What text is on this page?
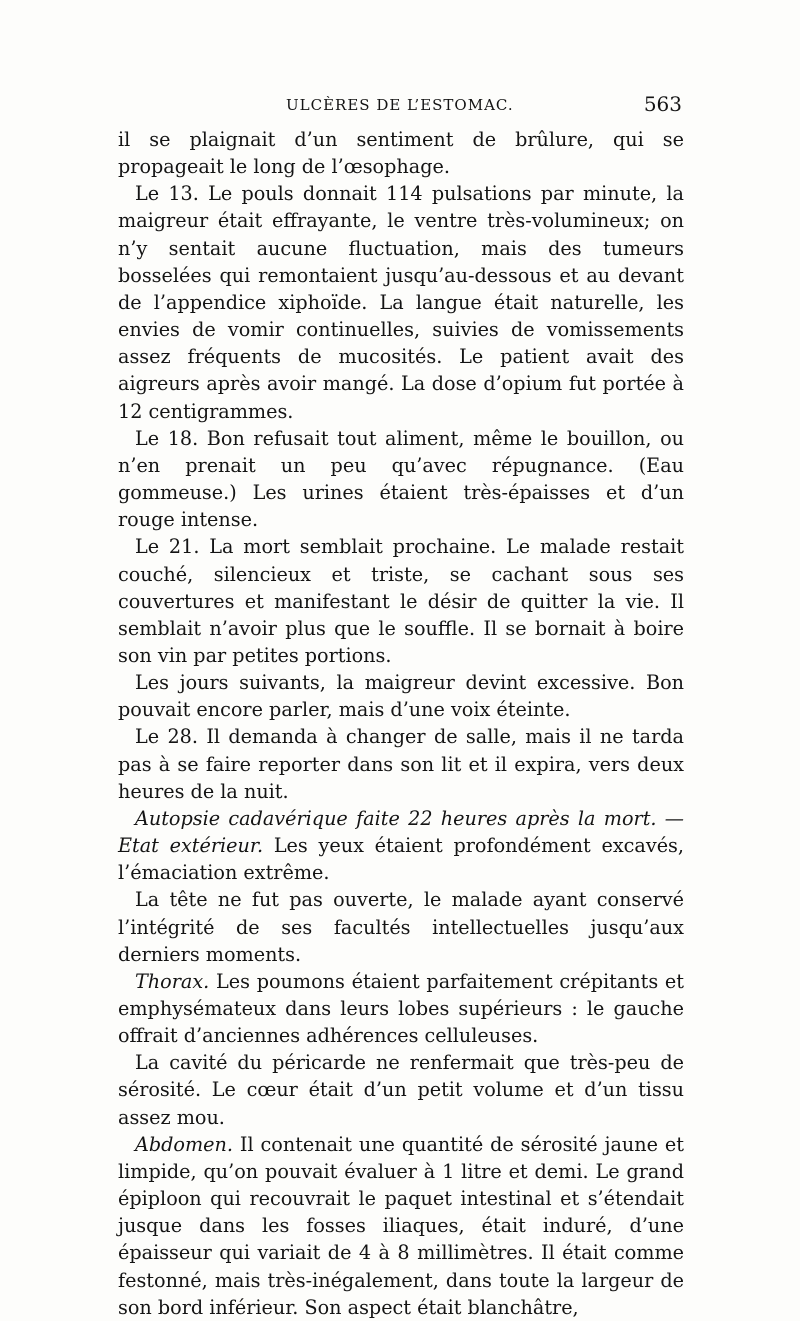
ULCÈRES DE L’ESTOMAC.	563

il se plaignait d’un sentiment de brûlure, qui se propageait le long de l’œsophage.

Le 13. Le pouls donnait 114 pulsations par minute, la maigreur était effrayante, le ventre très-volumineux; on n’y sentait aucune fluctuation, mais des tumeurs bosselées qui remontaient jusqu’au-dessous et au devant de l’appendice xiphoïde. La langue était naturelle, les envies de vomir continuelles, suivies de vomissements assez fréquents de mucosités. Le patient avait des aigreurs après avoir mangé. La dose d’opium fut portée à 12 centigrammes.

Le 18. Bon refusait tout aliment, même le bouillon, ou n’en prenait un peu qu’avec répugnance. (Eau gommeuse.) Les urines étaient très-épaisses et d’un rouge intense.

Le 21. La mort semblait prochaine. Le malade restait couché, silencieux et triste, se cachant sous ses couvertures et manifestant le désir de quitter la vie. Il semblait n’avoir plus que le souffle. Il se bornait à boire son vin par petites portions.

Les jours suivants, la maigreur devint excessive. Bon pouvait encore parler, mais d’une voix éteinte.

Le 28. Il demanda à changer de salle, mais il ne tarda pas à se faire reporter dans son lit et il expira, vers deux heures de la nuit.

Autopsie cadavérique faite 22 heures après la mort. — Etat extérieur. Les yeux étaient profondément excavés, l’émaciation extrême.

La tête ne fut pas ouverte, le malade ayant conservé l’intégrité de ses facultés intellectuelles jusqu’aux derniers moments.

Thorax. Les poumons étaient parfaitement crépitants et emphysémateux dans leurs lobes supérieurs : le gauche offrait d’anciennes adhérences celluleuses.

La cavité du péricarde ne renfermait que très-peu de sérosité. Le cœur était d’un petit volume et d’un tissu assez mou.

Abdomen. Il contenait une quantité de sérosité jaune et limpide, qu’on pouvait évaluer à 1 litre et demi. Le grand épiploon qui recouvrait le paquet intestinal et s’étendait jusque dans les fosses iliaques, était induré, d’une épaisseur qui variait de 4 à 8 millimètres. Il était comme festonné, mais très-inégalement, dans toute la largeur de son bord inférieur. Son aspect était blanchâtre,
